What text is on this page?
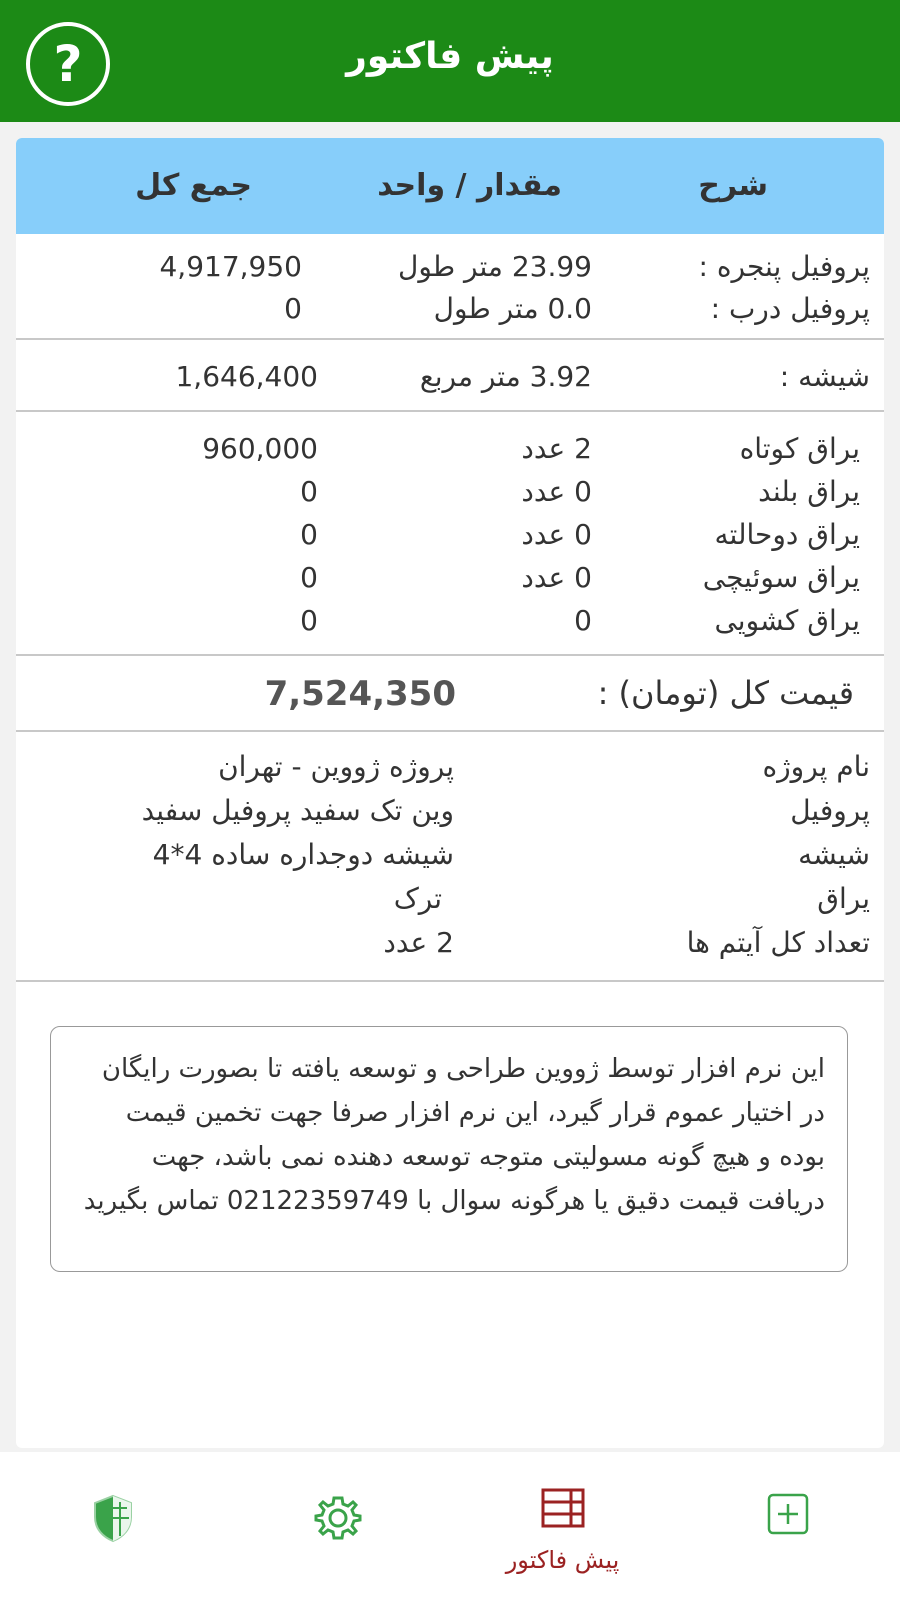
?	پیش فاکتور
شرح
مقدار / واحد
جمع کل
پروفیل پنجره :
23.99 متر طول
4,917,950
پروفیل درب :
0.0 متر طول
0
شیشه :
3.92 متر مربع
1,646,400
یراق کوتاه
2 عدد
960,000
یراق بلند
0 عدد
0
یراق دوحالته
0 عدد
0
یراق سوئیچی
0 عدد
0
یراق کشویی
0
0
قیمت کل (تومان) :
7,524,350
نام پروژه
پروژه ژووین - تهران
پروفیل
وین تک سفید پروفیل سفید
شیشه
شیشه دوجداره ساده 4*4
یراق
ترک
تعداد کل آیتم ها
2 عدد
این نرم افزار توسط ژووین طراحی و توسعه یافته تا بصورت رایگان در اختیار عموم قرار گیرد، این نرم افزار صرفا جهت تخمین قیمت بوده و هیچ گونه مسولیتی متوجه توسعه دهنده نمی باشد، جهت دریافت قیمت دقیق یا هرگونه سوال با 02122359749 تماس بگیرید
پیش فاکتور
